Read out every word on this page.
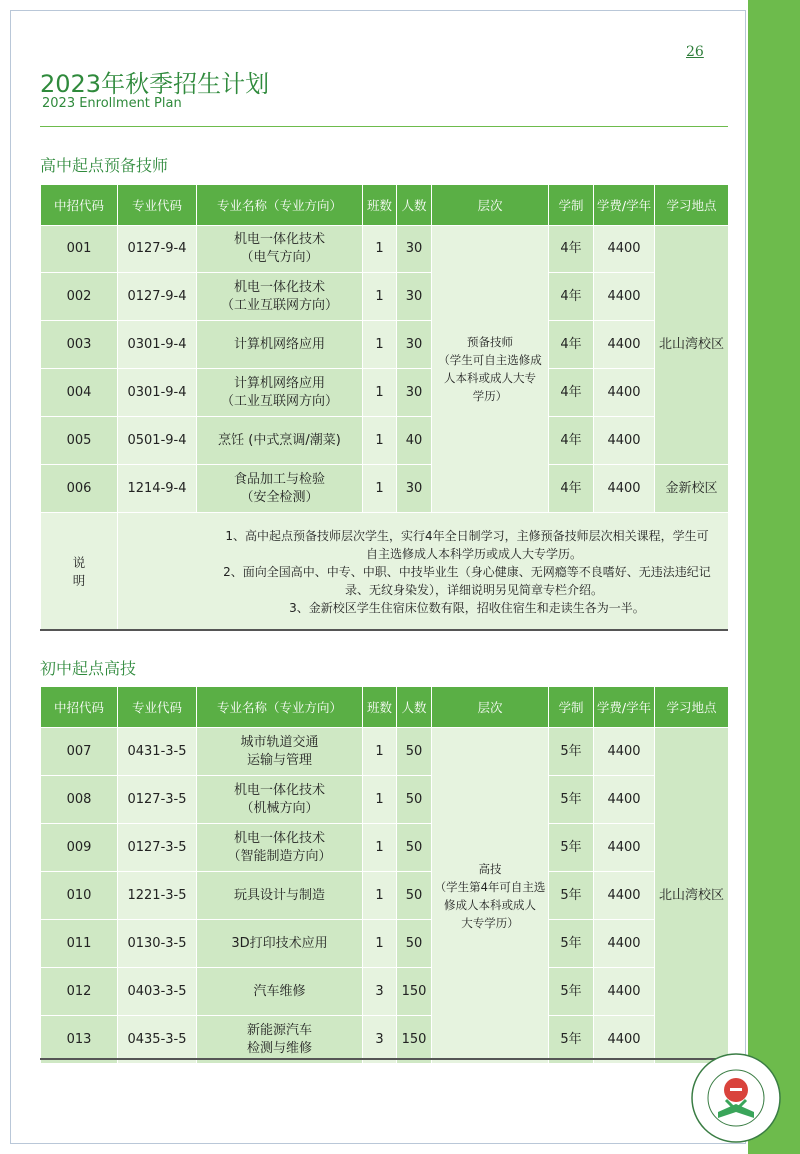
26
2023年秋季招生计划
2023 Enrollment Plan
高中起点预备技师
中招代码	专业代码	专业名称（专业方向）	班数	人数	层次	学制	学费/学年	学习地点
001	0127-9-4	机电一体化技术
（电气方向）	1	30	预备技师
（学生可自主选修成
人本科或成人大专
学历）	4年	4400	北山湾校区
002	0127-9-4	机电一体化技术
（工业互联网方向）	1	30		4年	4400	
003	0301-9-4	计算机网络应用	1	30		4年	4400	
004	0301-9-4	计算机网络应用
（工业互联网方向）	1	30		4年	4400	
005	0501-9-4	烹饪 (中式烹调/潮菜)	1	40		4年	4400	
006	1214-9-4	食品加工与检验
（安全检测）	1	30		4年	4400	金新校区
说
明	1、高中起点预备技师层次学生，实行4年全日制学习，主修预备技师层次相关课程，学生可
自主选修成人本科学历或成人大专学历。
2、面向全国高中、中专、中职、中技毕业生（身心健康、无网瘾等不良嗜好、无违法违纪记
录、无纹身染发），详细说明另见简章专栏介绍。
3、金新校区学生住宿床位数有限，招收住宿生和走读生各为一半。							
初中起点高技
中招代码	专业代码	专业名称（专业方向）	班数	人数	层次	学制	学费/学年	学习地点
007	0431-3-5	城市轨道交通
运输与管理	1	50	高技
（学生第4年可自主选
修成人本科或成人
大专学历）	5年	4400	北山湾校区
008	0127-3-5	机电一体化技术
（机械方向）	1	50		5年	4400	
009	0127-3-5	机电一体化技术
（智能制造方向）	1	50		5年	4400	
010	1221-3-5	玩具设计与制造	1	50		5年	4400	
011	0130-3-5	3D打印技术应用	1	50		5年	4400	
012	0403-3-5	汽车维修	3	150		5年	4400	
013	0435-3-5	新能源汽车
检测与维修	3	150		5年	4400	
